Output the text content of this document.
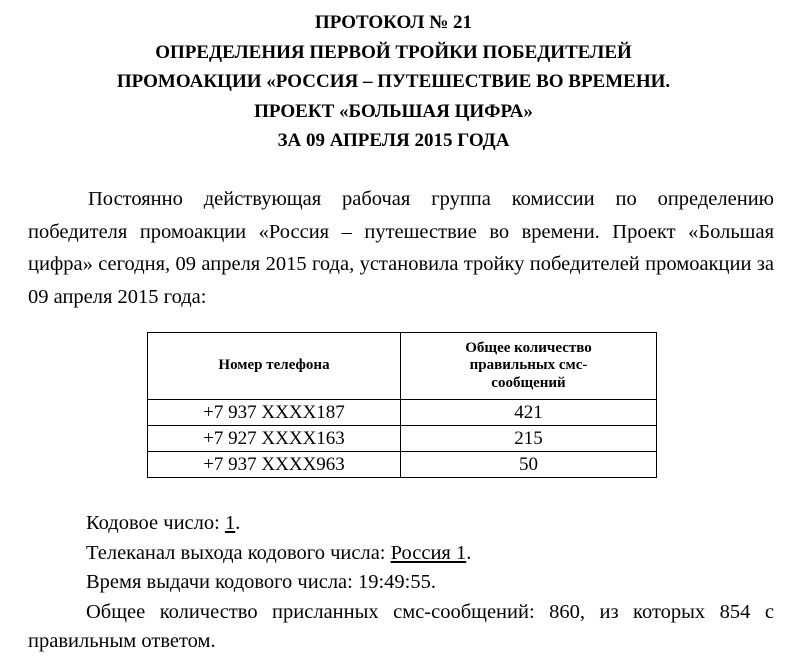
ПРОТОКОЛ № 21
ОПРЕДЕЛЕНИЯ ПЕРВОЙ ТРОЙКИ ПОБЕДИТЕЛЕЙ
ПРОМОАКЦИИ «РОССИЯ – ПУТЕШЕСТВИЕ ВО ВРЕМЕНИ.
ПРОЕКТ «БОЛЬШАЯ ЦИФРА»
ЗА 09 АПРЕЛЯ 2015 ГОДА

Постоянно действующая рабочая группа комиссии по определению победителя промоакции «Россия – путешествие во времени. Проект «Большая цифра» сегодня, 09 апреля 2015 года, установила тройку победителей промоакции за 09 апреля 2015 года:

Номер телефона	Общее количество
правильных смс-
сообщений

+7 937 XXXX187	421
+7 927 XXXX163	215
+7 937 XXXX963	50

Кодовое число: 1.

Телеканал выхода кодового числа: Россия 1.

Время выдачи кодового числа: 19:49:55.

Общее количество присланных смс-сообщений: 860, из которых 854 с правильным ответом.
